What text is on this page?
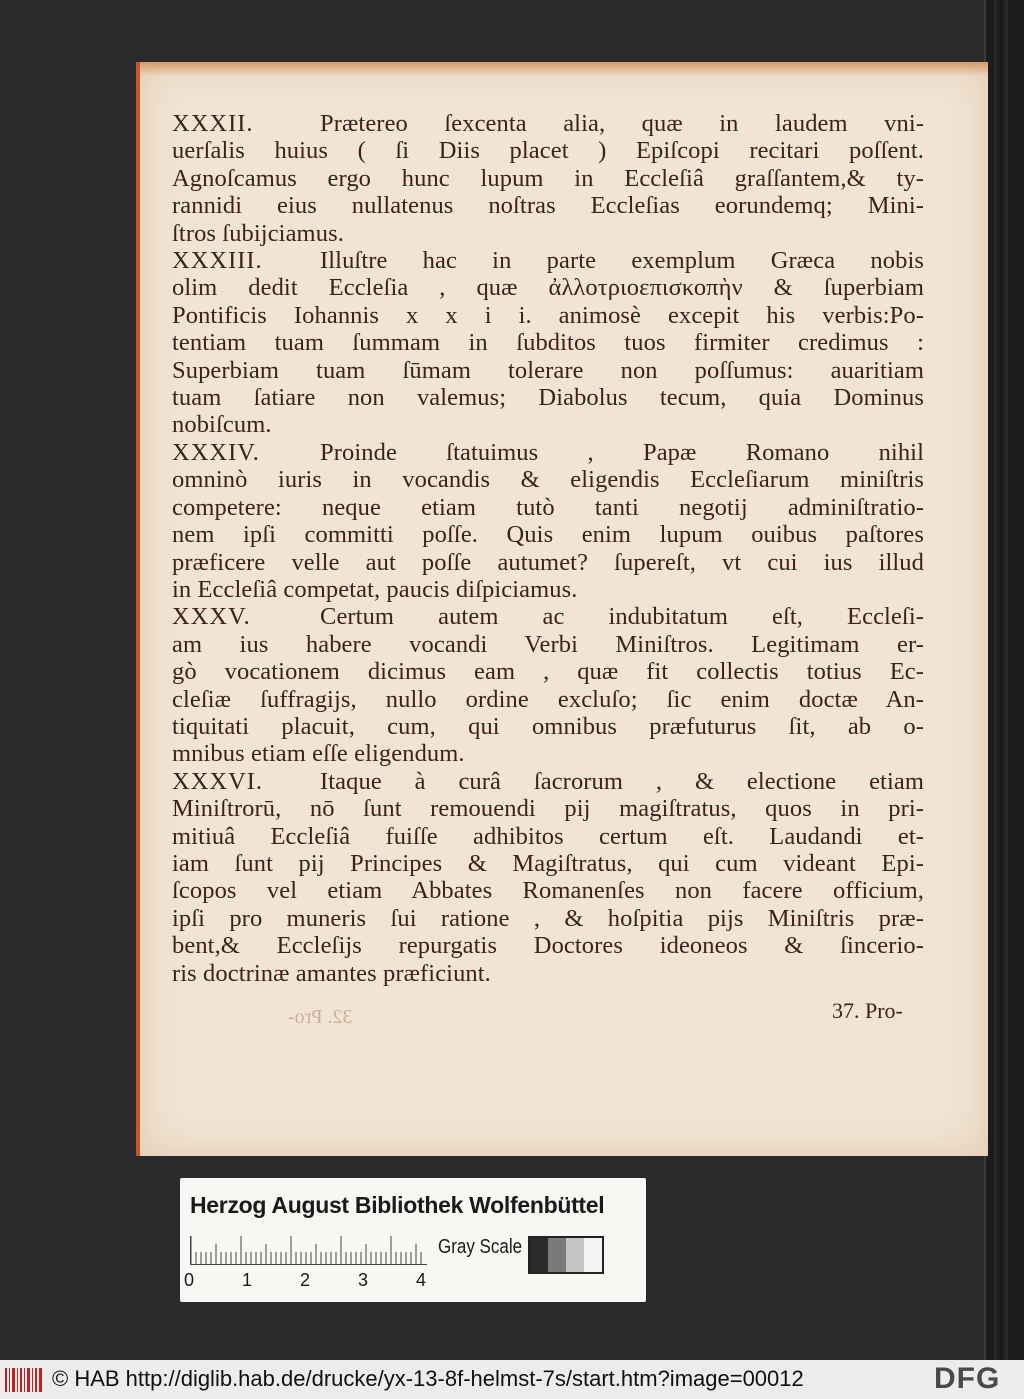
XXXII.	Prætereo ſexcenta alia, quæ in laudem vni-
uerſalis huius ( ſi Diis placet ) Epiſcopi recitari poſſent.
Agnoſcamus ergo hunc lupum in Eccleſiâ graſſantem,& ty-
rannidi eius nullatenus noſtras Eccleſias eorundemq; Mini-
ſtros ſubijciamus.
XXXIII. Illuſtre hac in parte exemplum Græca nobis
olim dedit Eccleſia , quæ ἀλλοτριοεπισκοπὴν & ſuperbiam
Pontificis Iohannis x x i i. animosè excepit his verbis:Po-
tentiam tuam ſummam in ſubditos tuos firmiter credimus :
Superbiam tuam ſūmam tolerare non poſſumus: auaritiam
tuam ſatiare non valemus; Diabolus tecum, quia Dominus
nobiſcum.
XXXIV. Proinde ſtatuimus , Papæ Romano nihil
omninò iuris in vocandis & eligendis Eccleſiarum miniſtris
competere: neque etiam tutò tanti negotij adminiſtratio-
nem ipſi committi poſſe. Quis enim lupum ouibus paſtores
præficere velle aut poſſe autumet? ſupereſt, vt cui ius illud
in Eccleſiâ competat, paucis diſpiciamus.
XXXV.	Certum autem ac indubitatum eſt, Eccleſi-
am ius habere vocandi Verbi Miniſtros. Legitimam er-
gò vocationem dicimus eam , quæ fit collectis totius Ec-
cleſiæ ſuffragijs, nullo ordine excluſo; ſic enim doctæ An-
tiquitati placuit, cum, qui omnibus præfuturus ſit, ab o-
mnibus etiam eſſe eligendum.
XXXVI. Itaque à curâ ſacrorum , & electione etiam
Miniſtrorū, nō ſunt remouendi pij magiſtratus, quos in pri-
mitiuâ Eccleſiâ fuiſſe adhibitos certum eſt. Laudandi et-
iam ſunt pij Principes & Magiſtratus, qui cum videant Epi-
ſcopos vel etiam Abbates Romanenſes non facere officium,
ipſi pro muneris ſui ratione , & hoſpitia pijs Miniſtris præ-
bent,& Eccleſijs repurgatis Doctores ideoneos & ſincerio-
ris doctrinæ amantes præficiunt.
32. Pro-	37. Pro-
Herzog August Bibliothek Wolfenbüttel
0	1	2	3	4
Gray Scale
© HAB http://diglib.hab.de/drucke/yx-13-8f-helmst-7s/start.htm?image=00012	DFG
